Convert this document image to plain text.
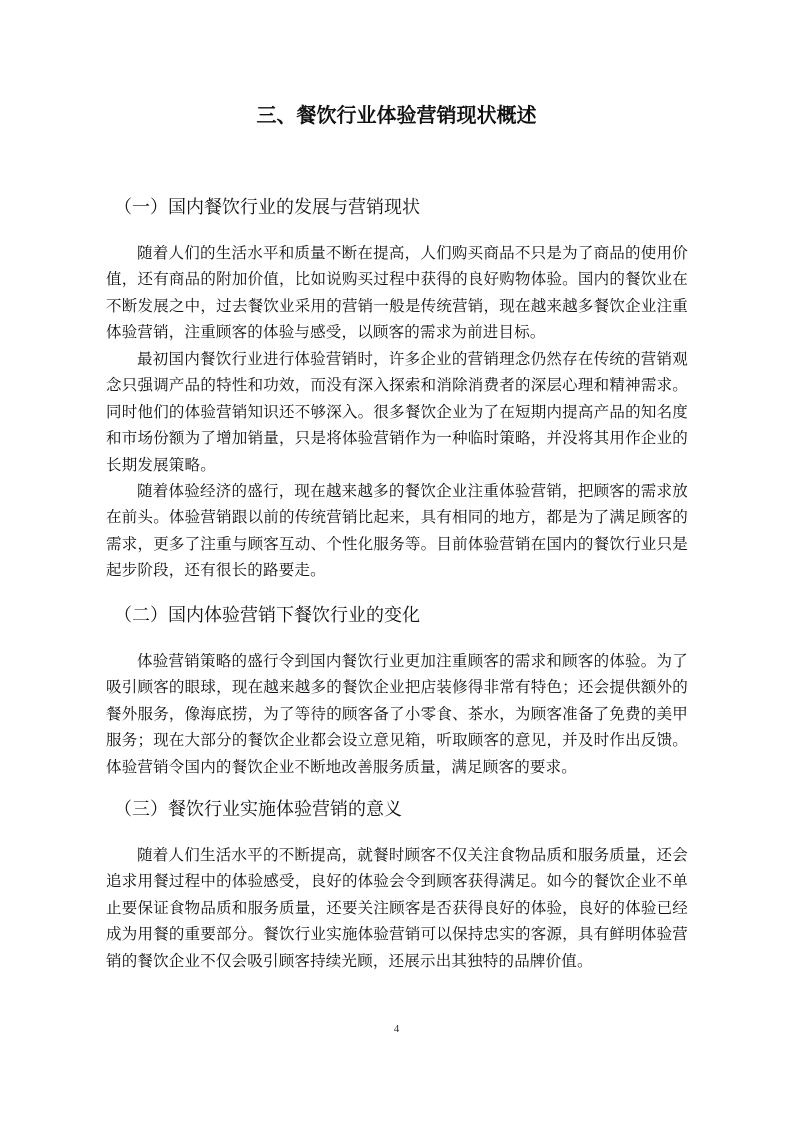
三、餐饮行业体验营销现状概述
（一）国内餐饮行业的发展与营销现状

随着人们的生活水平和质量不断在提高，人们购买商品不只是为了商品的使用价值，还有商品的附加价值，比如说购买过程中获得的良好购物体验。国内的餐饮业在不断发展之中，过去餐饮业采用的营销一般是传统营销，现在越来越多餐饮企业注重体验营销，注重顾客的体验与感受，以顾客的需求为前进目标。

最初国内餐饮行业进行体验营销时，许多企业的营销理念仍然存在传统的营销观念只强调产品的特性和功效，而没有深入探索和消除消费者的深层心理和精神需求。同时他们的体验营销知识还不够深入。很多餐饮企业为了在短期内提高产品的知名度和市场份额为了增加销量，只是将体验营销作为一种临时策略，并没将其用作企业的长期发展策略。

随着体验经济的盛行，现在越来越多的餐饮企业注重体验营销，把顾客的需求放在前头。体验营销跟以前的传统营销比起来，具有相同的地方，都是为了满足顾客的需求，更多了注重与顾客互动、个性化服务等。目前体验营销在国内的餐饮行业只是起步阶段，还有很长的路要走。

（二）国内体验营销下餐饮行业的变化

体验营销策略的盛行令到国内餐饮行业更加注重顾客的需求和顾客的体验。为了吸引顾客的眼球，现在越来越多的餐饮企业把店装修得非常有特色；还会提供额外的餐外服务，像海底捞，为了等待的顾客备了小零食、茶水，为顾客准备了免费的美甲服务；现在大部分的餐饮企业都会设立意见箱，听取顾客的意见，并及时作出反馈。体验营销令国内的餐饮企业不断地改善服务质量，满足顾客的要求。

（三）餐饮行业实施体验营销的意义

随着人们生活水平的不断提高，就餐时顾客不仅关注食物品质和服务质量，还会追求用餐过程中的体验感受，良好的体验会令到顾客获得满足。如今的餐饮企业不单止要保证食物品质和服务质量，还要关注顾客是否获得良好的体验，良好的体验已经成为用餐的重要部分。餐饮行业实施体验营销可以保持忠实的客源，具有鲜明体验营销的餐饮企业不仅会吸引顾客持续光顾，还展示出其独特的品牌价值。

4
